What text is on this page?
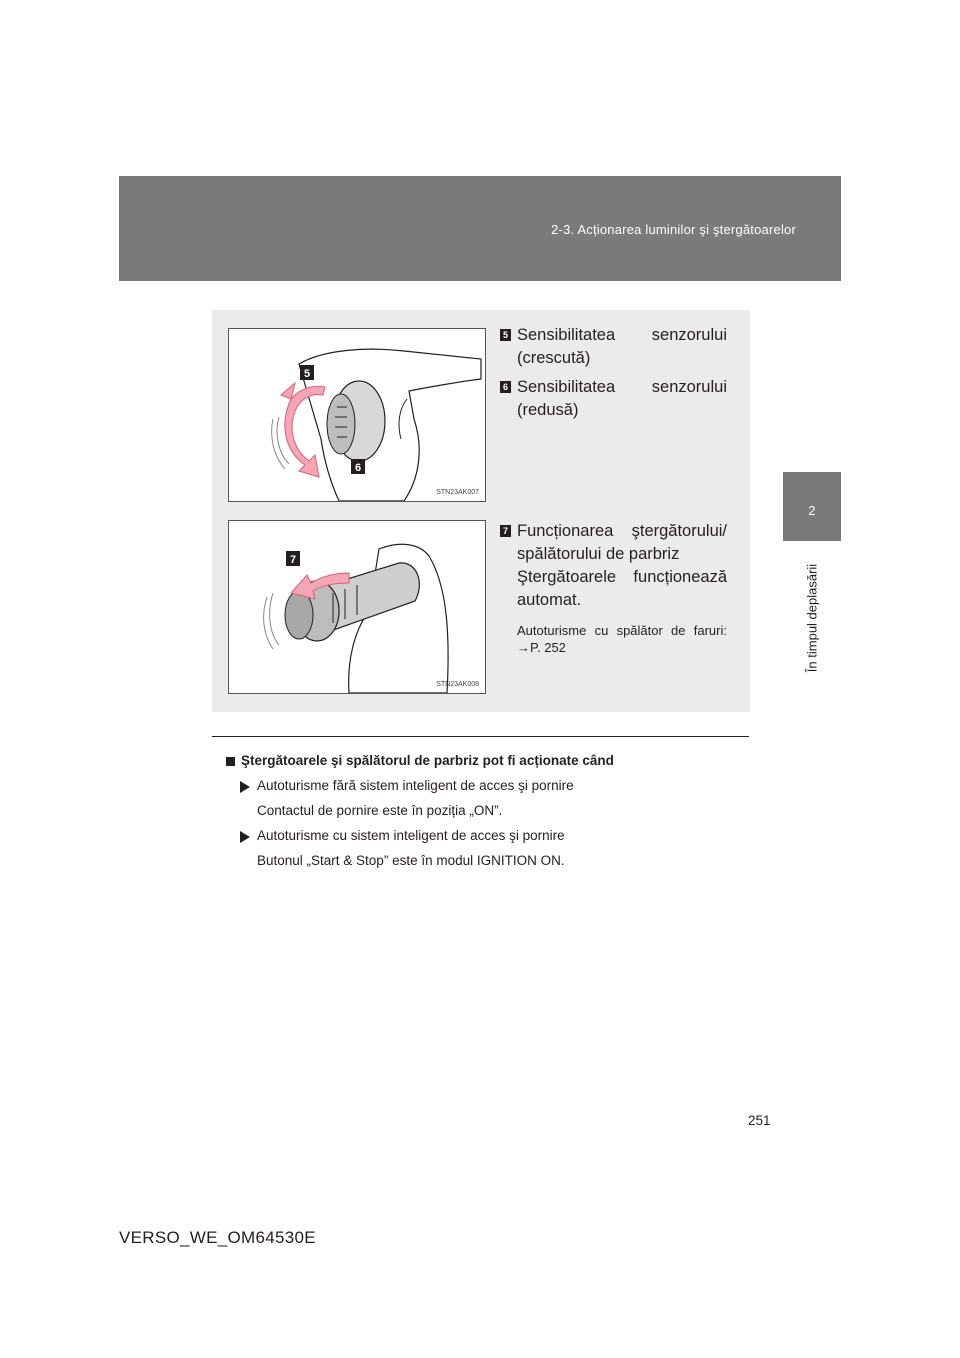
2-3. Acționarea luminilor şi ştergătoarelor
2
În timpul deplasării
5
6
STN23AK007
5 Sensibilitatea senzorului
(crescută)
6 Sensibilitatea senzorului
(redusă)
7
STN23AK008
7 Funcționarea ştergătorului/
spălătorului de parbriz
Ştergătoarele funcționează automat.
Autoturisme cu spălător de faruri: →P. 252
Ştergătoarele şi spălătorul de parbriz pot fi acționate când
Autoturisme fără sistem inteligent de acces şi pornire
Contactul de pornire este în poziția „ON”.
Autoturisme cu sistem inteligent de acces şi pornire
Butonul „Start & Stop” este în modul IGNITION ON.
251
VERSO_WE_OM64530E
